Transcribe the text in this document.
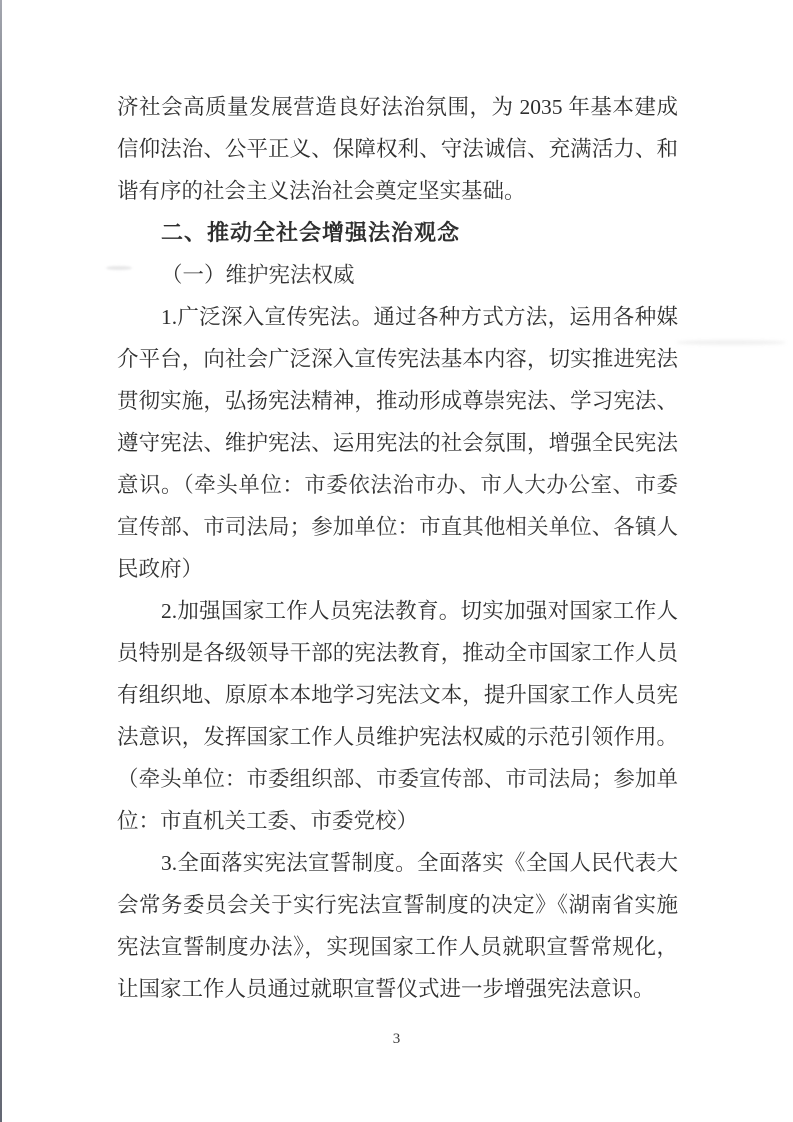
济社会高质量发展营造良好法治氛围，为 2035 年基本建成
信仰法治、公平正义、保障权利、守法诚信、充满活力、和
谐有序的社会主义法治社会奠定坚实基础。
二、推动全社会增强法治观念
（一）维护宪法权威
1.广泛深入宣传宪法。通过各种方式方法，运用各种媒
介平台，向社会广泛深入宣传宪法基本内容，切实推进宪法
贯彻实施，弘扬宪法精神，推动形成尊崇宪法、学习宪法、
遵守宪法、维护宪法、运用宪法的社会氛围，增强全民宪法
意识。（牵头单位：市委依法治市办、市人大办公室、市委
宣传部、市司法局；参加单位：市直其他相关单位、各镇人
民政府）
2.加强国家工作人员宪法教育。切实加强对国家工作人
员特别是各级领导干部的宪法教育，推动全市国家工作人员
有组织地、原原本本地学习宪法文本，提升国家工作人员宪
法意识，发挥国家工作人员维护宪法权威的示范引领作用。
（牵头单位：市委组织部、市委宣传部、市司法局；参加单
位：市直机关工委、市委党校）
3.全面落实宪法宣誓制度。全面落实《全国人民代表大
会常务委员会关于实行宪法宣誓制度的决定》《湖南省实施
宪法宣誓制度办法》，实现国家工作人员就职宣誓常规化，
让国家工作人员通过就职宣誓仪式进一步增强宪法意识。
3
